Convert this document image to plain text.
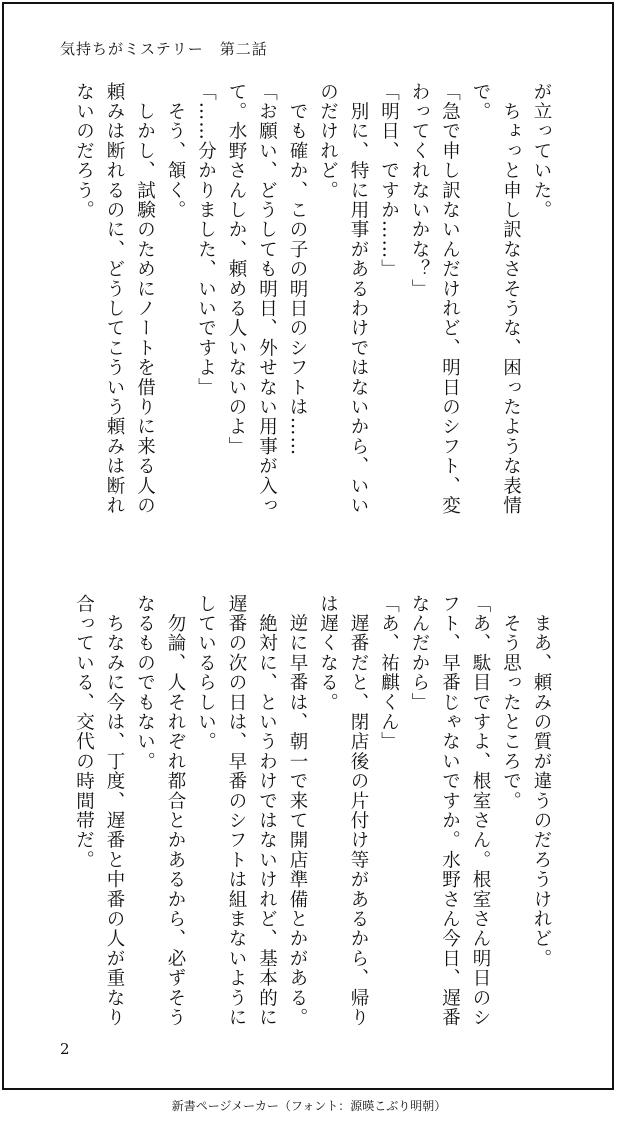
気持ちがミステリー　第二話

が立っていた。

　ちょっと申し訳なさそうな、困ったような表情で。

「急で申し訳ないんだけれど、明日のシフト、変わってくれないかな？」

「明日、ですか……」

　別に、特に用事があるわけではないから、いいのだけれど。

　でも確か、この子の明日のシフトは……

「お願い、どうしても明日、外せない用事が入って。水野さんしか、頼める人いないのよ」

「……分かりました、いいですよ」

　そう、頷く。

　しかし、試験のためにノートを借りに来る人の頼みは断れるのに、どうしてこういう頼みは断れないのだろう。

　まあ、頼みの質が違うのだろうけれど。

　そう思ったところで。

「あ、駄目ですよ、根室さん。根室さん明日のシフト、早番じゃないですか。水野さん今日、遅番なんだから」

「あ、祐麒くん」

　遅番だと、閉店後の片付け等があるから、帰りは遅くなる。

　逆に早番は、朝一で来て開店準備とかがある。

　絶対に、というわけではないけれど、基本的に遅番の次の日は、早番のシフトは組まないようにしているらしい。

　勿論、人それぞれ都合とかあるから、必ずそうなるものでもない。

　ちなみに今は、丁度、遅番と中番の人が重なり合っている、交代の時間帯だ。

2
新書ページメーカー（フォント：源暎こぶり明朝）
